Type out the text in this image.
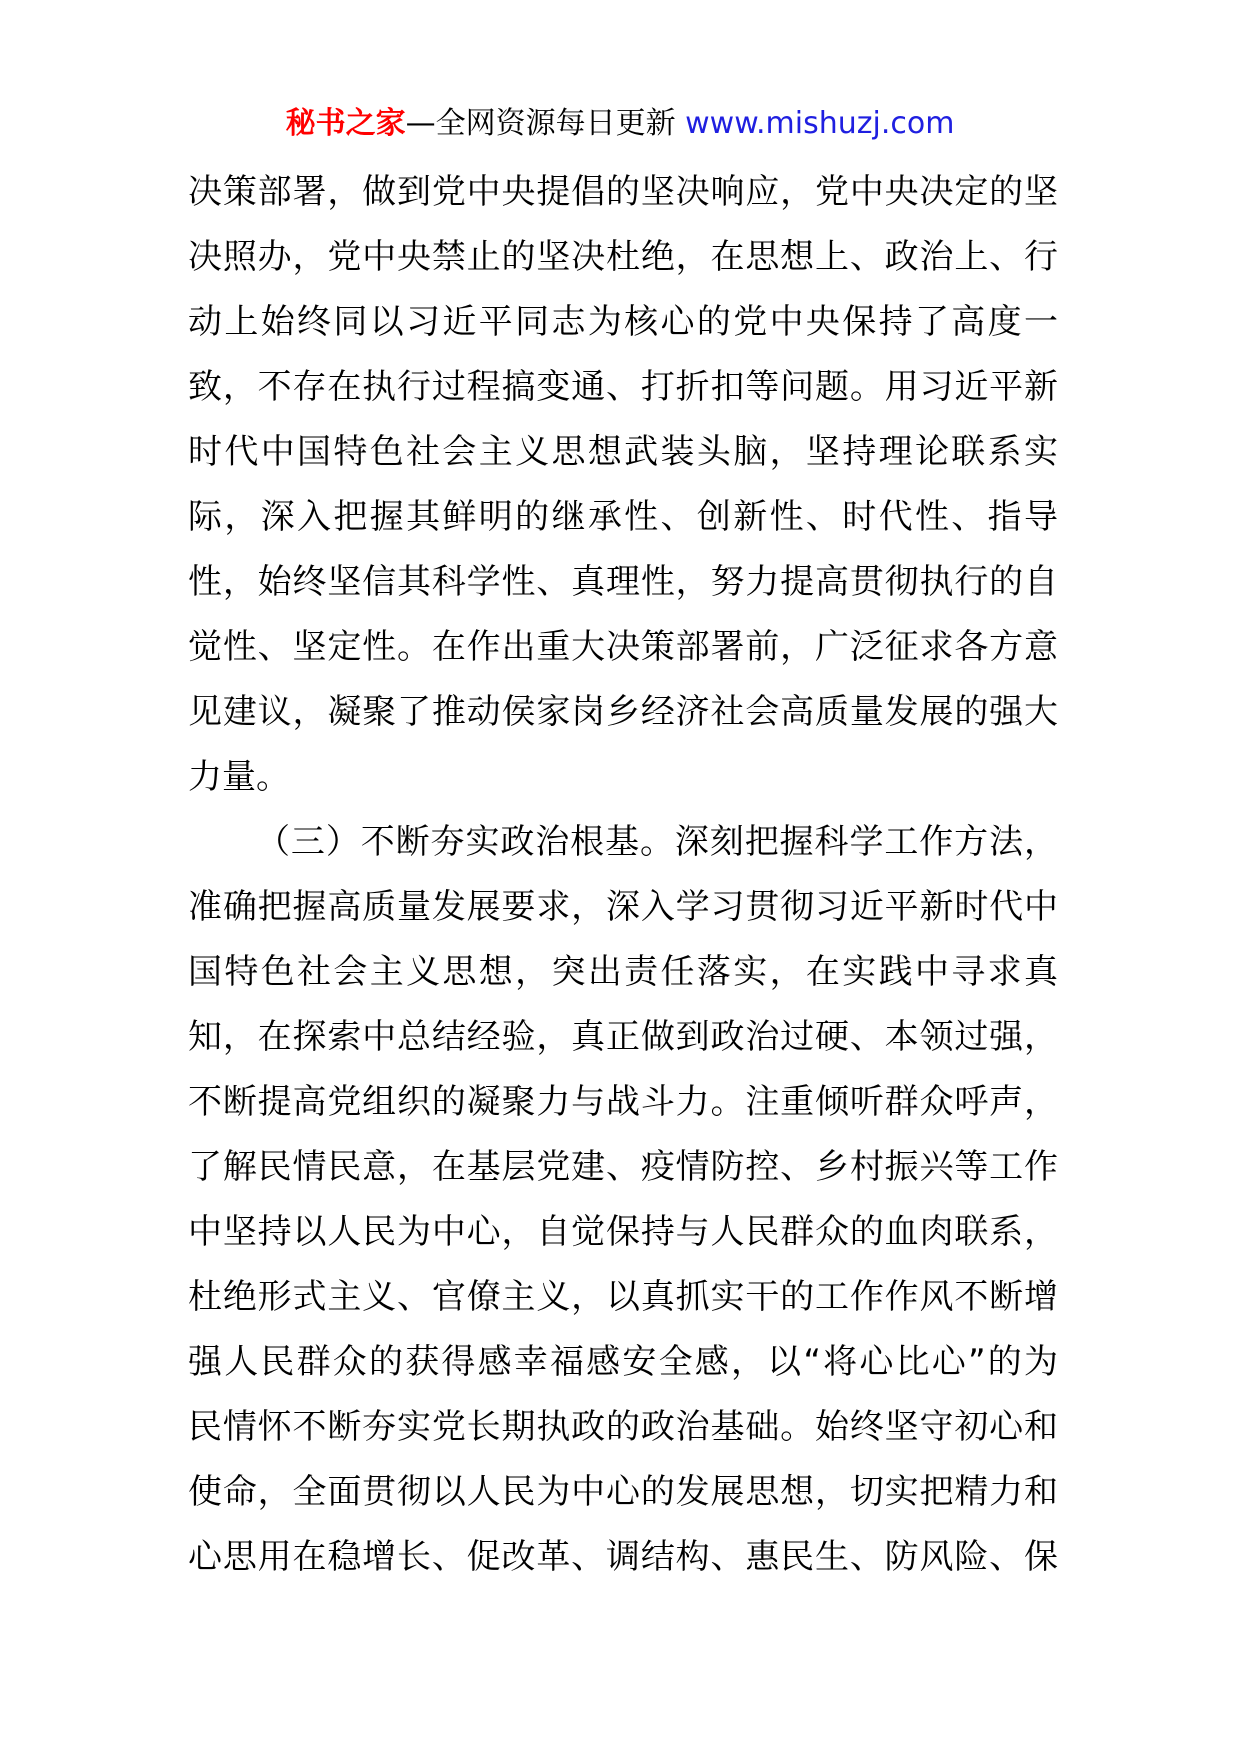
秘书之家—全网资源每日更新 www.mishuzj.com
决策部署，做到党中央提倡的坚决响应，党中央决定的坚
决照办，党中央禁止的坚决杜绝，在思想上、政治上、行
动上始终同以习近平同志为核心的党中央保持了高度一
致，不存在执行过程搞变通、打折扣等问题。用习近平新
时代中国特色社会主义思想武装头脑，坚持理论联系实
际，深入把握其鲜明的继承性、创新性、时代性、指导
性，始终坚信其科学性、真理性，努力提高贯彻执行的自
觉性、坚定性。在作出重大决策部署前，广泛征求各方意
见建议，凝聚了推动侯家岗乡经济社会高质量发展的强大
力量。
（三）不断夯实政治根基。深刻把握科学工作方法，
准确把握高质量发展要求，深入学习贯彻习近平新时代中
国特色社会主义思想，突出责任落实，在实践中寻求真
知，在探索中总结经验，真正做到政治过硬、本领过强，
不断提高党组织的凝聚力与战斗力。注重倾听群众呼声，
了解民情民意，在基层党建、疫情防控、乡村振兴等工作
中坚持以人民为中心，自觉保持与人民群众的血肉联系，
杜绝形式主义、官僚主义，以真抓实干的工作作风不断增
强人民群众的获得感幸福感安全感，以“将心比心”的为
民情怀不断夯实党长期执政的政治基础。始终坚守初心和
使命，全面贯彻以人民为中心的发展思想，切实把精力和
心思用在稳增长、促改革、调结构、惠民生、防风险、保
